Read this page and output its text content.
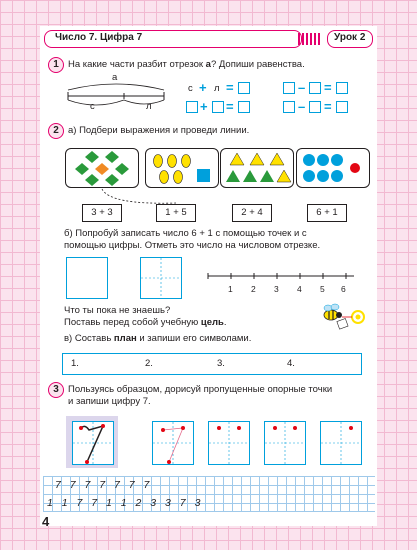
Число 7. Цифра 7	Урок 2
1 На какие части разбит отрезок а? Допиши равенства.
а
с	л
с + л =	– =
+ =	– =
2 а) Подбери выражения и проведи линии.
3 + 3	1 + 5	2 + 4	6 + 1
б) Попробуй записать число 6 + 1 с помощью точек и с
помощью цифры. Отметь это число на числовом отрезке.
1 2 3 4 5 6
Что ты пока не знаешь?
Поставь перед собой учебную цель.
в) Составь план и запиши его символами.
1.	2.	3.	4.
3 Пользуясь образцом, дорисуй пропущенные опорные точки
и запиши цифру 7.
7 7 7 7 7 7 7
1 1 7 7 1 1 2 3 3 7 3
4
